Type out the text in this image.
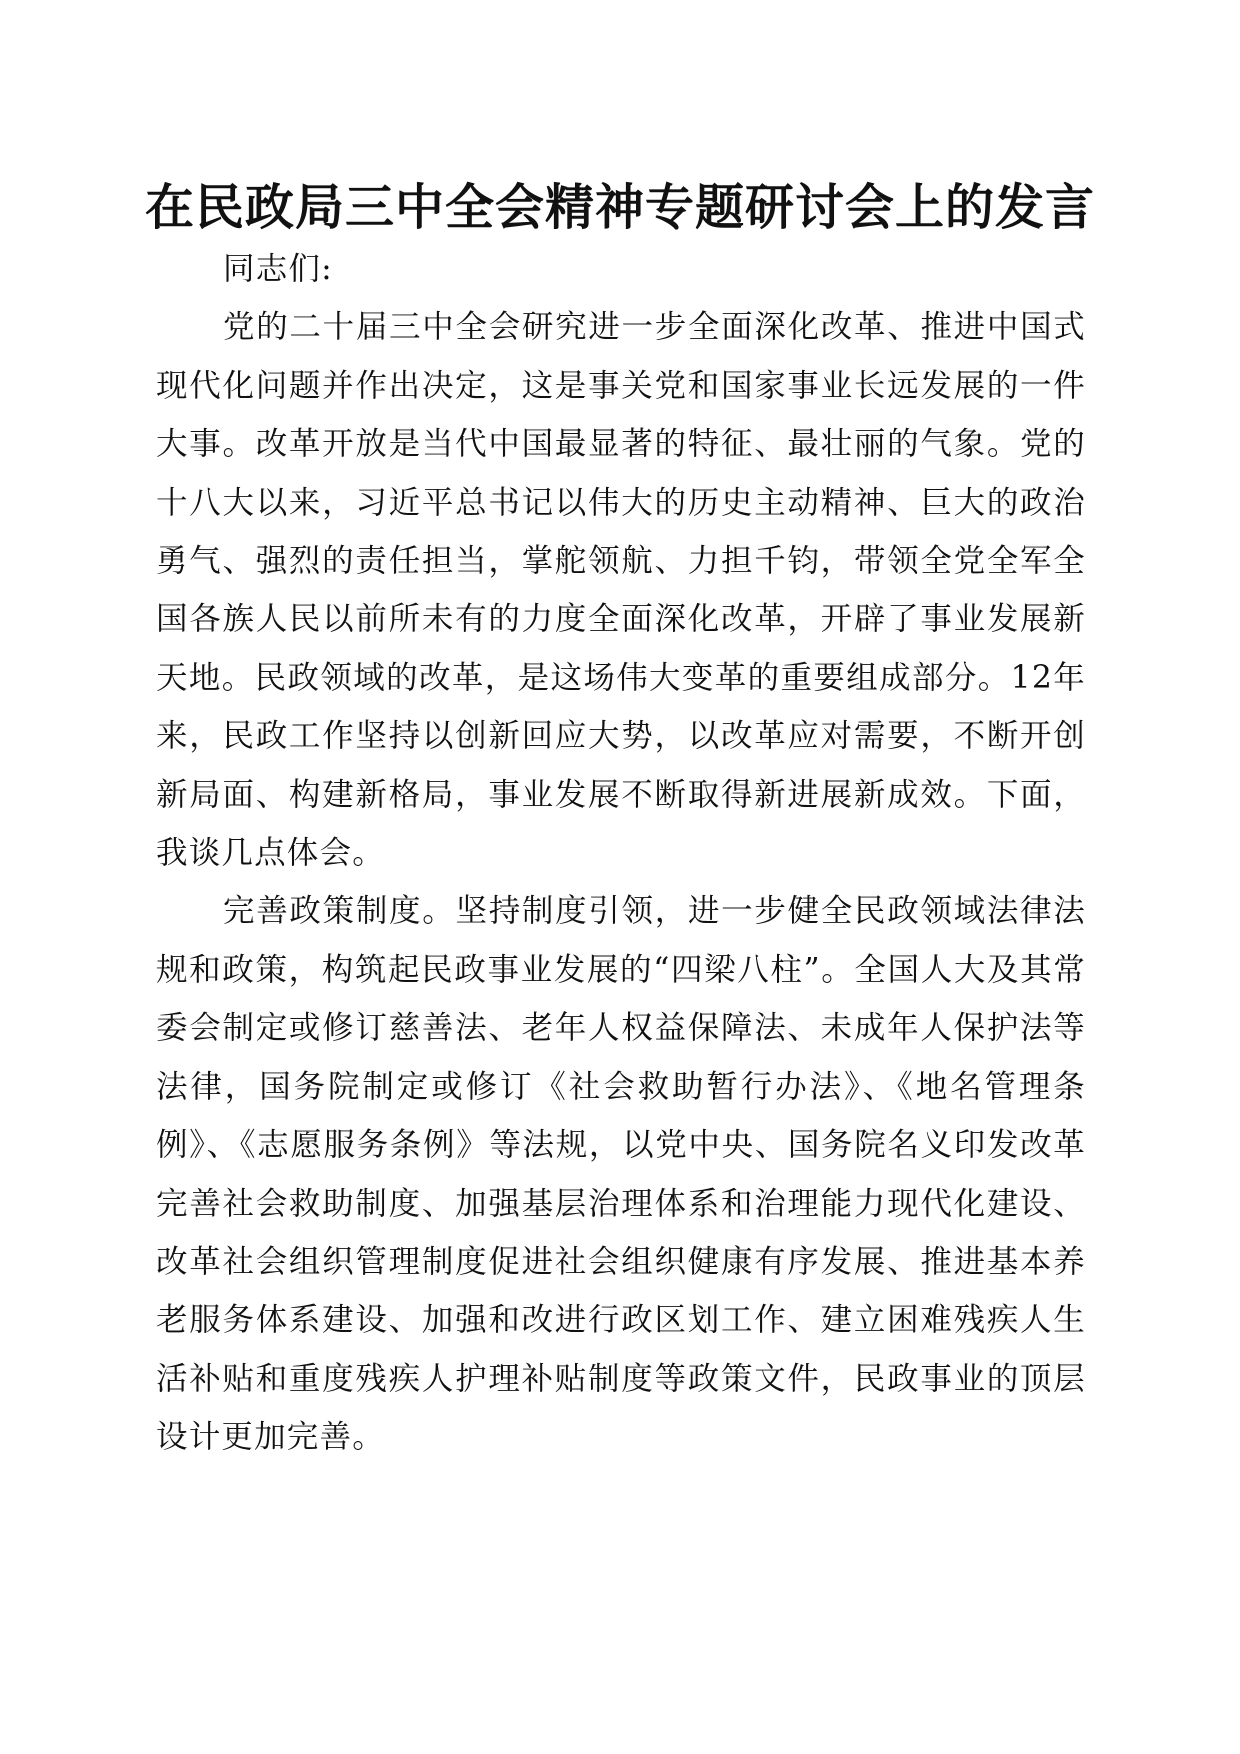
在民政局三中全会精神专题研讨会上的发言

同志们:

党的二十届三中全会研究进一步全面深化改革、推进中国式现代化问题并作出决定，这是事关党和国家事业长远发展的一件大事。改革开放是当代中国最显著的特征、最壮丽的气象。党的十八大以来，习近平总书记以伟大的历史主动精神、巨大的政治勇气、强烈的责任担当，掌舵领航、力担千钧，带领全党全军全国各族人民以前所未有的力度全面深化改革，开辟了事业发展新天地。民政领域的改革，是这场伟大变革的重要组成部分。12年来，民政工作坚持以创新回应大势，以改革应对需要，不断开创新局面、构建新格局，事业发展不断取得新进展新成效。下面，我谈几点体会。

完善政策制度。坚持制度引领，进一步健全民政领域法律法规和政策，构筑起民政事业发展的“四梁八柱”。全国人大及其常委会制定或修订慈善法、老年人权益保障法、未成年人保护法等法律，国务院制定或修订《社会救助暂行办法》、《地名管理条例》、《志愿服务条例》等法规，以党中央、国务院名义印发改革完善社会救助制度、加强基层治理体系和治理能力现代化建设、改革社会组织管理制度促进社会组织健康有序发展、推进基本养老服务体系建设、加强和改进行政区划工作、建立困难残疾人生活补贴和重度残疾人护理补贴制度等政策文件，民政事业的顶层设计更加完善。
